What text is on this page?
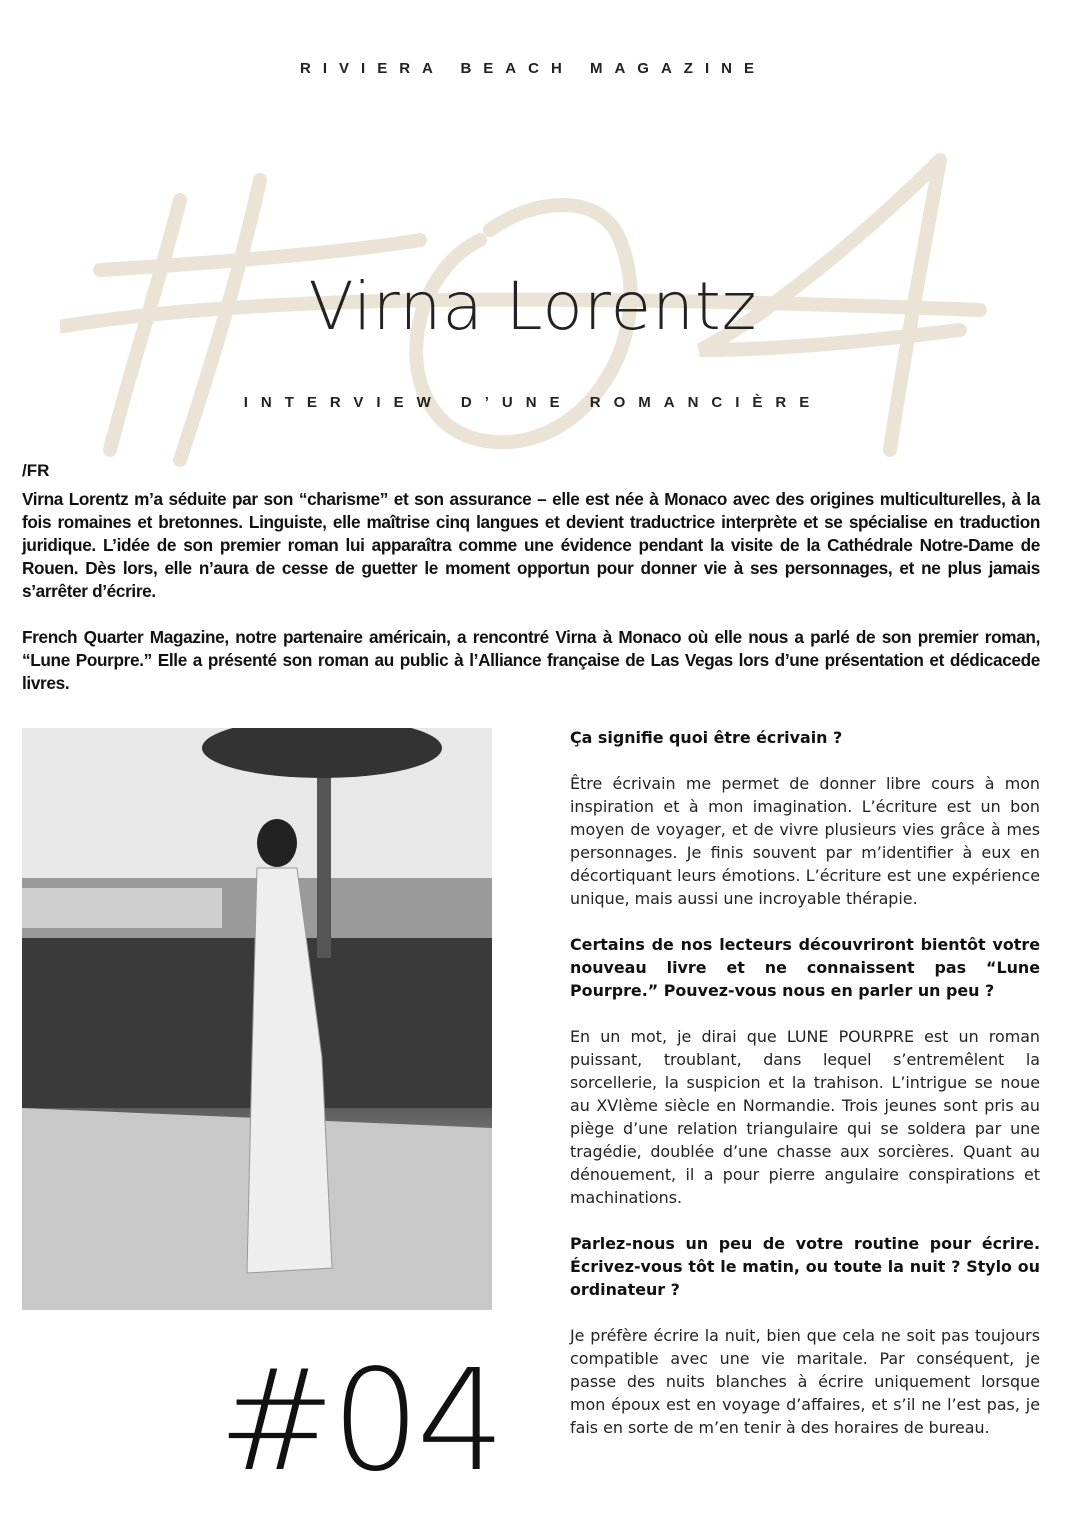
RIVIERA BEACH MAGAZINE
Virna Lorentz
INTERVIEW D’UNE ROMANCIÈRE
/FR

Virna Lorentz m’a séduite par son “charisme” et son assurance – elle est née à Monaco avec des origines multiculturelles, à la fois romaines et bretonnes. Linguiste, elle maîtrise cinq langues et devient traductrice interprète et se spécialise en traduction juridique. L’idée de son premier roman lui apparaîtra comme une évidence pendant la visite de la Cathédrale Notre-Dame de Rouen. Dès lors, elle n’aura de cesse de guetter le moment opportun pour donner vie à ses personnages, et ne plus jamais s’arrêter d’écrire.

French Quarter Magazine, notre partenaire américain, a rencontré Virna à Monaco où elle nous a parlé de son premier roman, “Lune Pourpre.” Elle a présenté son roman au public à l’Alliance française de Las Vegas lors d’une présentation et dédicacede livres.

Ça signifie quoi être écrivain ?

Être écrivain me permet de donner libre cours à mon inspiration et à mon imagination. L’écriture est un bon moyen de voyager, et de vivre plusieurs vies grâce à mes personnages. Je finis souvent par m’identifier à eux en décortiquant leurs émotions. L’écriture est une expérience unique, mais aussi une incroyable thérapie.

Certains de nos lecteurs découvriront bientôt votre nouveau livre et ne connaissent pas “Lune Pourpre.” Pouvez-vous nous en parler un peu ?

En un mot, je dirai que LUNE POURPRE est un roman puissant, troublant, dans lequel s’entremêlent la sorcellerie, la suspicion et la trahison. L’intrigue se noue au XVIème siècle en Normandie. Trois jeunes sont pris au piège d’une relation triangulaire qui se soldera par une tragédie, doublée d’une chasse aux sorcières. Quant au dénouement, il a pour pierre angulaire conspirations et machinations.

Parlez-nous un peu de votre routine pour écrire. Écrivez-vous tôt le matin, ou toute la nuit ? Stylo ou ordinateur ?

Je préfère écrire la nuit, bien que cela ne soit pas toujours compatible avec une vie maritale. Par conséquent, je passe des nuits blanches à écrire uniquement lorsque mon époux est en voyage d’affaires, et s’il ne l’est pas, je fais en sorte de m’en tenir à des horaires de bureau.

#04
